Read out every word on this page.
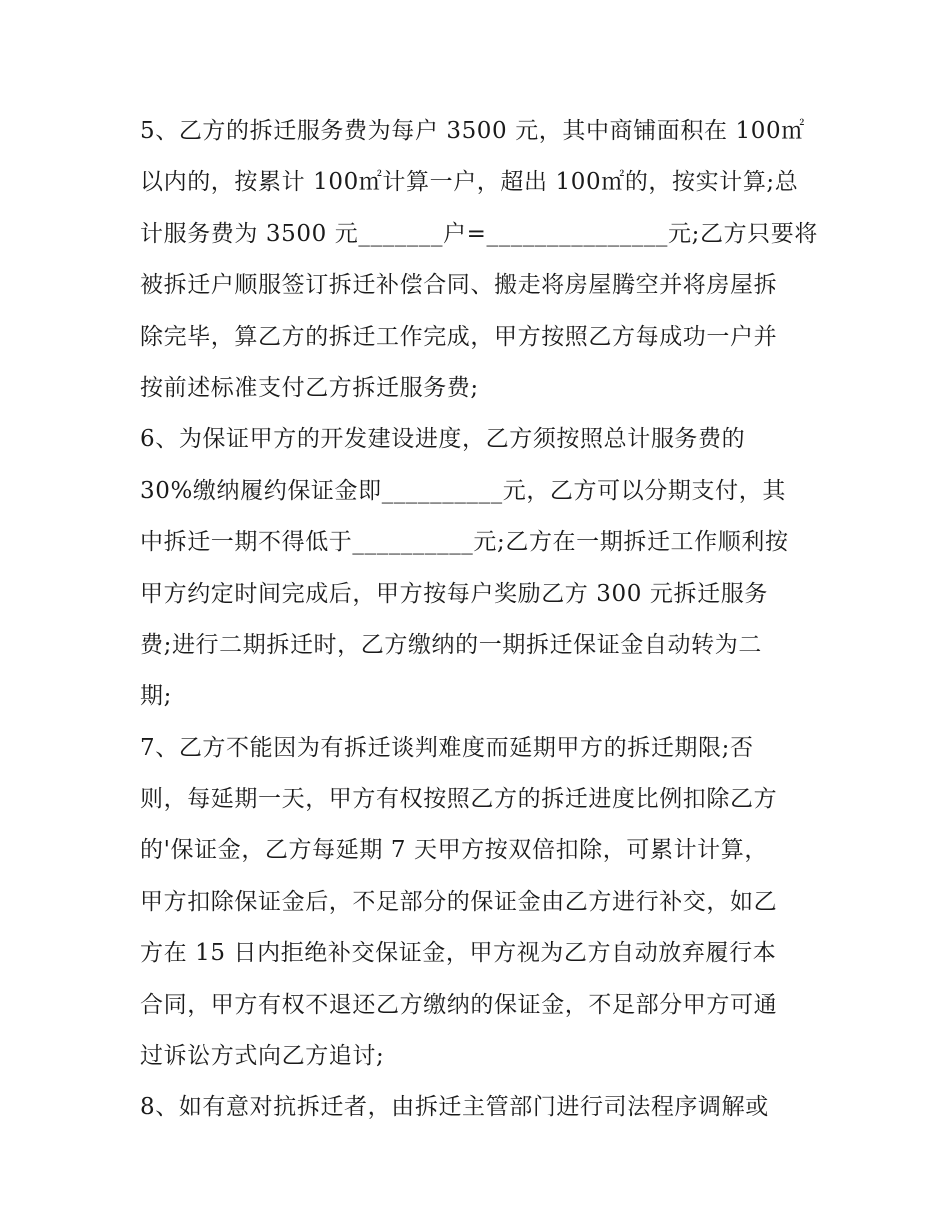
5、乙方的拆迁服务费为每户 3500 元，其中商铺面积在 100㎡
以内的，按累计 100㎡计算一户，超出 100㎡的，按实计算;总
计服务费为 3500 元_______户=_______________元;乙方只要将
被拆迁户顺服签订拆迁补偿合同、搬走将房屋腾空并将房屋拆
除完毕，算乙方的拆迁工作完成，甲方按照乙方每成功一户并
按前述标准支付乙方拆迁服务费;
6、为保证甲方的开发建设进度，乙方须按照总计服务费的
30%缴纳履约保证金即__________元，乙方可以分期支付，其
中拆迁一期不得低于__________元;乙方在一期拆迁工作顺利按
甲方约定时间完成后，甲方按每户奖励乙方 300 元拆迁服务
费;进行二期拆迁时，乙方缴纳的一期拆迁保证金自动转为二
期;
7、乙方不能因为有拆迁谈判难度而延期甲方的拆迁期限;否
则，每延期一天，甲方有权按照乙方的拆迁进度比例扣除乙方
的'保证金，乙方每延期 7 天甲方按双倍扣除，可累计计算，
甲方扣除保证金后，不足部分的保证金由乙方进行补交，如乙
方在 15 日内拒绝补交保证金，甲方视为乙方自动放弃履行本
合同，甲方有权不退还乙方缴纳的保证金，不足部分甲方可通
过诉讼方式向乙方追讨;
8、如有意对抗拆迁者，由拆迁主管部门进行司法程序调解或
